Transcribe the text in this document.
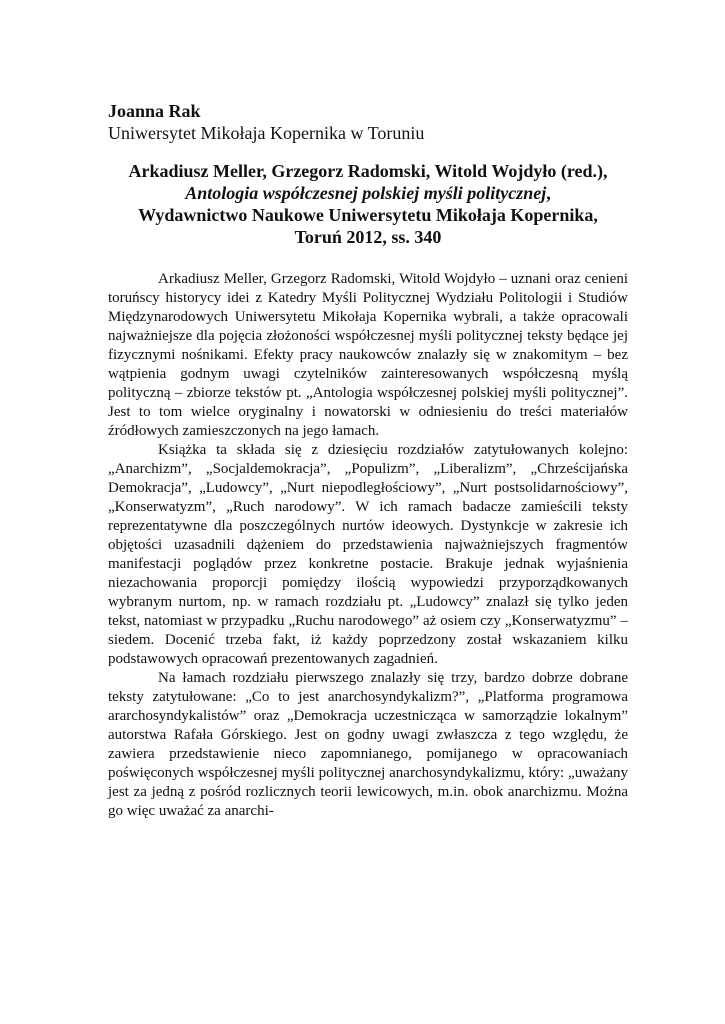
Joanna Rak
Uniwersytet Mikołaja Kopernika w Toruniu
Arkadiusz Meller, Grzegorz Radomski, Witold Wojdyło (red.),
Antologia współczesnej polskiej myśli politycznej,
Wydawnictwo Naukowe Uniwersytetu Mikołaja Kopernika,
Toruń 2012, ss. 340

Arkadiusz Meller, Grzegorz Radomski, Witold Wojdyło – uznani oraz cenieni toruńscy historycy idei z Katedry Myśli Politycznej Wydziału Politologii i Studiów Międzynarodowych Uniwersytetu Mikołaja Kopernika wybrali, a także opracowali najważniejsze dla pojęcia złożoności współczesnej myśli politycznej teksty będące jej fizycznymi nośnikami. Efekty pracy naukowców znalazły się w znakomitym – bez wątpienia godnym uwagi czytelników zainteresowanych współczesną myślą polityczną – zbiorze tekstów pt. „Antologia współczesnej polskiej myśli politycznej”. Jest to tom wielce oryginalny i nowatorski w odniesieniu do treści materiałów źródłowych zamieszczonych na jego łamach.

Książka ta składa się z dziesięciu rozdziałów zatytułowanych kolejno: „Anarchizm”, „Socjaldemokracja”, „Populizm”, „Liberalizm”, „Chrześcijańska Demokracja”, „Ludowcy”, „Nurt niepodległościowy”, „Nurt postsolidarnościowy”, „Konserwatyzm”, „Ruch narodowy”. W ich ramach badacze zamieścili teksty reprezentatywne dla poszczególnych nurtów ideowych. Dystynkcje w zakresie ich objętości uzasadnili dążeniem do przedstawienia najważniejszych fragmentów manifestacji poglądów przez konkretne postacie. Brakuje jednak wyjaśnienia niezachowania proporcji pomiędzy ilością wypowiedzi przyporządkowanych wybranym nurtom, np. w ramach rozdziału pt. „Ludowcy” znalazł się tylko jeden tekst, natomiast w przypadku „Ruchu narodowego” aż osiem czy „Konserwatyzmu” – siedem. Docenić trzeba fakt, iż każdy poprzedzony został wskazaniem kilku podstawowych opracowań prezentowanych zagadnień.

Na łamach rozdziału pierwszego znalazły się trzy, bardzo dobrze dobrane teksty zatytułowane: „Co to jest anarchosyndykalizm?”, „Platforma programowa ararchosyndykalistów” oraz „Demokracja uczestnicząca w samorządzie lokalnym” autorstwa Rafała Górskiego. Jest on godny uwagi zwłaszcza z tego względu, że zawiera przedstawienie nieco zapomnianego, pomijanego w opracowaniach poświęconych współczesnej myśli politycznej anarchosyndykalizmu, który: „uważany jest za jedną z pośród rozlicznych teorii lewicowych, m.in. obok anarchizmu. Można go więc uważać za anarchi-
